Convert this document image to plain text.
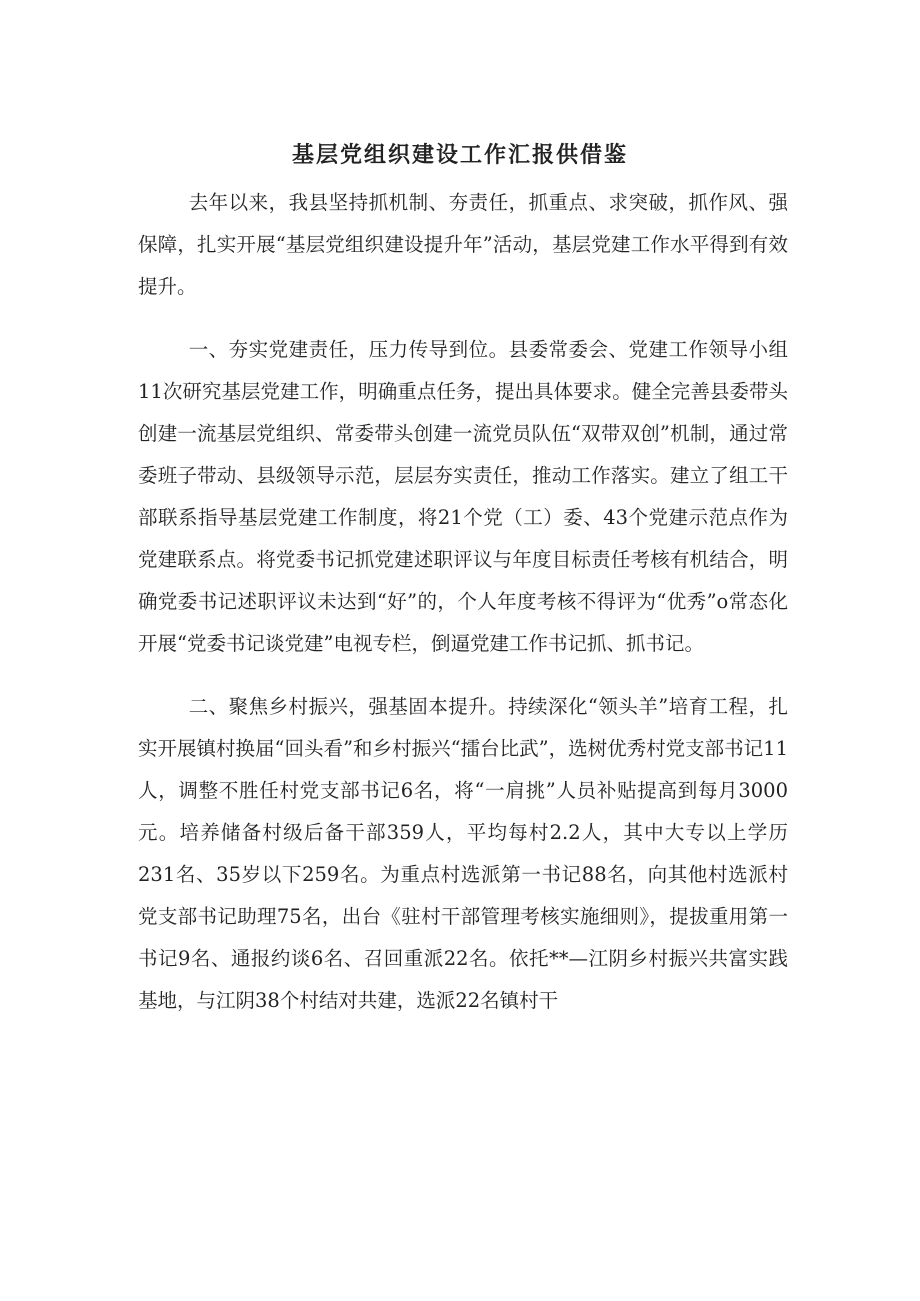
基层党组织建设工作汇报供借鉴

去年以来，我县坚持抓机制、夯责任，抓重点、求突破，抓作风、强保障，扎实开展“基层党组织建设提升年”活动，基层党建工作水平得到有效提升。

一、夯实党建责任，压力传导到位。县委常委会、党建工作领导小组11次研究基层党建工作，明确重点任务，提出具体要求。健全完善县委带头创建一流基层党组织、常委带头创建一流党员队伍“双带双创”机制，通过常委班子带动、县级领导示范，层层夯实责任，推动工作落实。建立了组工干部联系指导基层党建工作制度，将21个党（工）委、43个党建示范点作为党建联系点。将党委书记抓党建述职评议与年度目标责任考核有机结合，明确党委书记述职评议未达到“好”的，个人年度考核不得评为“优秀”o常态化开展“党委书记谈党建”电视专栏，倒逼党建工作书记抓、抓书记。

二、聚焦乡村振兴，强基固本提升。持续深化“领头羊”培育工程，扎实开展镇村换届“回头看”和乡村振兴“擂台比武”，选树优秀村党支部书记11人，调整不胜任村党支部书记6名，将“一肩挑”人员补贴提高到每月3000元。培养储备村级后备干部359人，平均每村2.2人，其中大专以上学历231名、35岁以下259名。为重点村选派第一书记88名，向其他村选派村党支部书记助理75名，出台《驻村干部管理考核实施细则》，提拔重用第一书记9名、通报约谈6名、召回重派22名。依托**—江阴乡村振兴共富实践基地，与江阴38个村结对共建，选派22名镇村干
